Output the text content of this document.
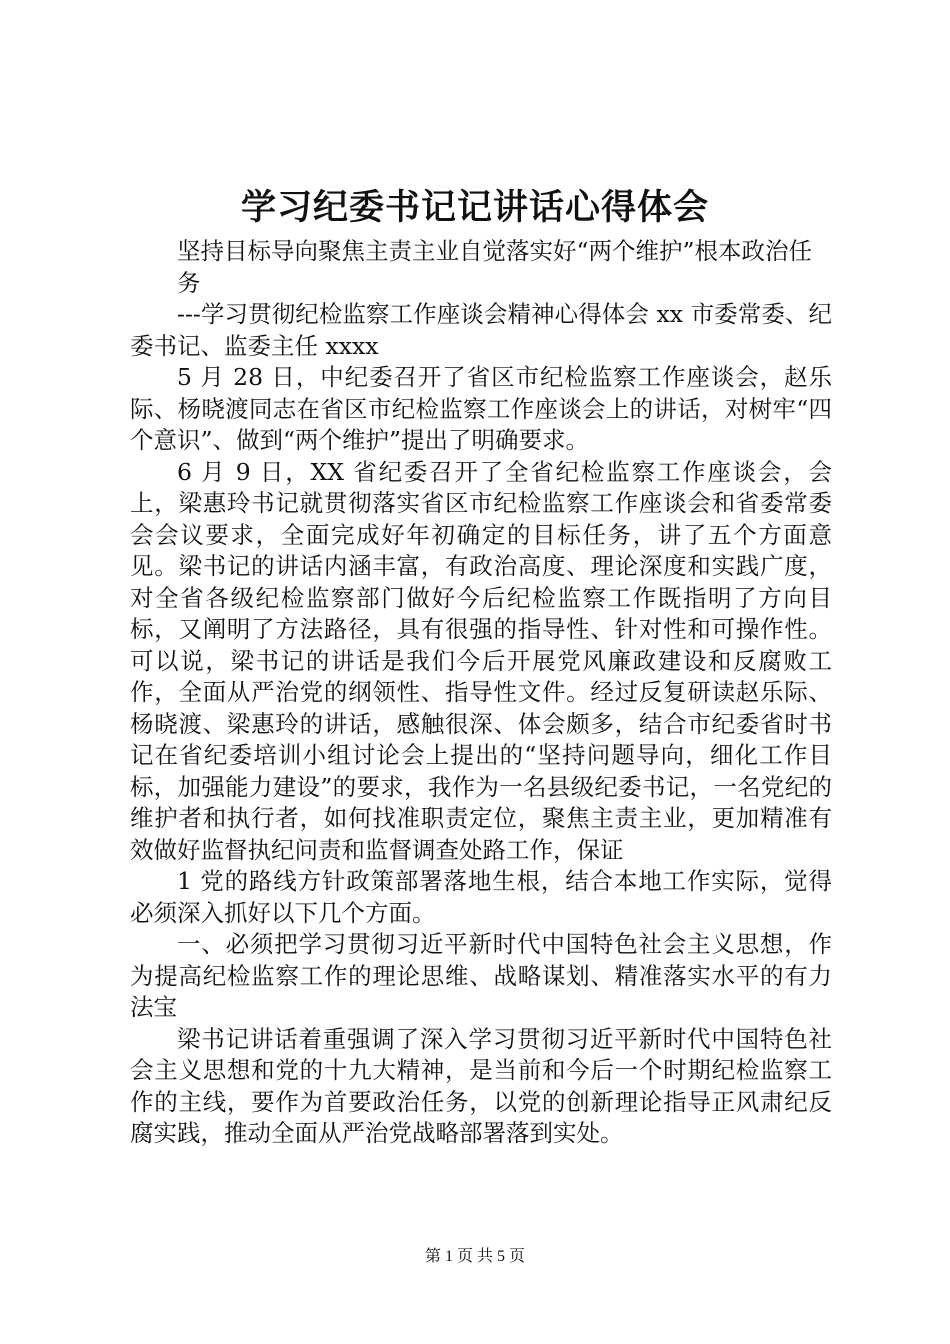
学习纪委书记记讲话心得体会

坚持目标导向聚焦主责主业自觉落实好“两个维护”根本政治任

务

---学习贯彻纪检监察工作座谈会精神心得体会 xx 市委常委、纪委书记、监委主任 xxxx

5 月 28 日，中纪委召开了省区市纪检监察工作座谈会，赵乐际、杨晓渡同志在省区市纪检监察工作座谈会上的讲话，对树牢“四个意识”、做到“两个维护”提出了明确要求。

6 月 9 日，XX 省纪委召开了全省纪检监察工作座谈会，会上，梁惠玲书记就贯彻落实省区市纪检监察工作座谈会和省委常委会会议要求，全面完成好年初确定的目标任务，讲了五个方面意见。梁书记的讲话内涵丰富，有政治高度、理论深度和实践广度，对全省各级纪检监察部门做好今后纪检监察工作既指明了方向目标，又阐明了方法路径，具有很强的指导性、针对性和可操作性。可以说，梁书记的讲话是我们今后开展党风廉政建设和反腐败工作，全面从严治党的纲领性、指导性文件。经过反复研读赵乐际、杨晓渡、梁惠玲的讲话，感触很深、体会颇多，结合市纪委省时书记在省纪委培训小组讨论会上提出的“坚持问题导向，细化工作目标，加强能力建设”的要求，我作为一名县级纪委书记，一名党纪的维护者和执行者，如何找准职责定位，聚焦主责主业，更加精准有效做好监督执纪问责和监督调查处路工作，保证

1 党的路线方针政策部署落地生根，结合本地工作实际，觉得必须深入抓好以下几个方面。

一、必须把学习贯彻习近平新时代中国特色社会主义思想，作为提高纪检监察工作的理论思维、战略谋划、精准落实水平的有力法宝

梁书记讲话着重强调了深入学习贯彻习近平新时代中国特色社会主义思想和党的十九大精神，是当前和今后一个时期纪检监察工作的主线，要作为首要政治任务，以党的创新理论指导正风肃纪反腐实践，推动全面从严治党战略部署落到实处。

第 1 页 共 5 页
